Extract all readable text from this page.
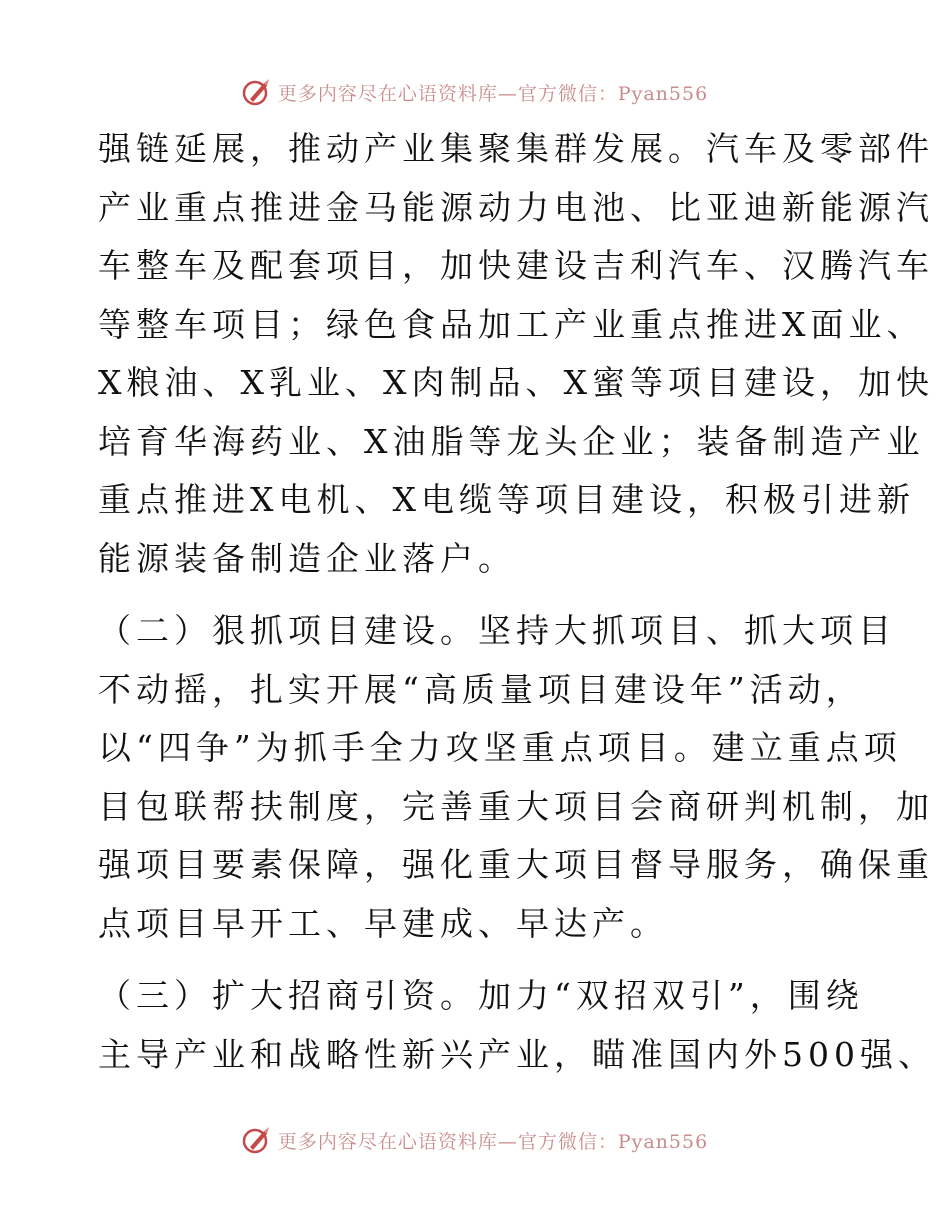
更多内容尽在心语资料库—官方微信：Pyan556

强链延展，推动产业集聚集群发展。汽车及零部件
产业重点推进金马能源动力电池、比亚迪新能源汽
车整车及配套项目，加快建设吉利汽车、汉腾汽车
等整车项目；绿色食品加工产业重点推进X面业、
X粮油、X乳业、X肉制品、X蜜等项目建设，加快
培育华海药业、X油脂等龙头企业；装备制造产业
重点推进X电机、X电缆等项目建设，积极引进新
能源装备制造企业落户。

（二）狠抓项目建设。坚持大抓项目、抓大项目
不动摇，扎实开展“高质量项目建设年”活动，
以“四争”为抓手全力攻坚重点项目。建立重点项
目包联帮扶制度，完善重大项目会商研判机制，加
强项目要素保障，强化重大项目督导服务，确保重
点项目早开工、早建成、早达产。

（三）扩大招商引资。加力“双招双引”，围绕
主导产业和战略性新兴产业，瞄准国内外500强、

更多内容尽在心语资料库—官方微信：Pyan556
